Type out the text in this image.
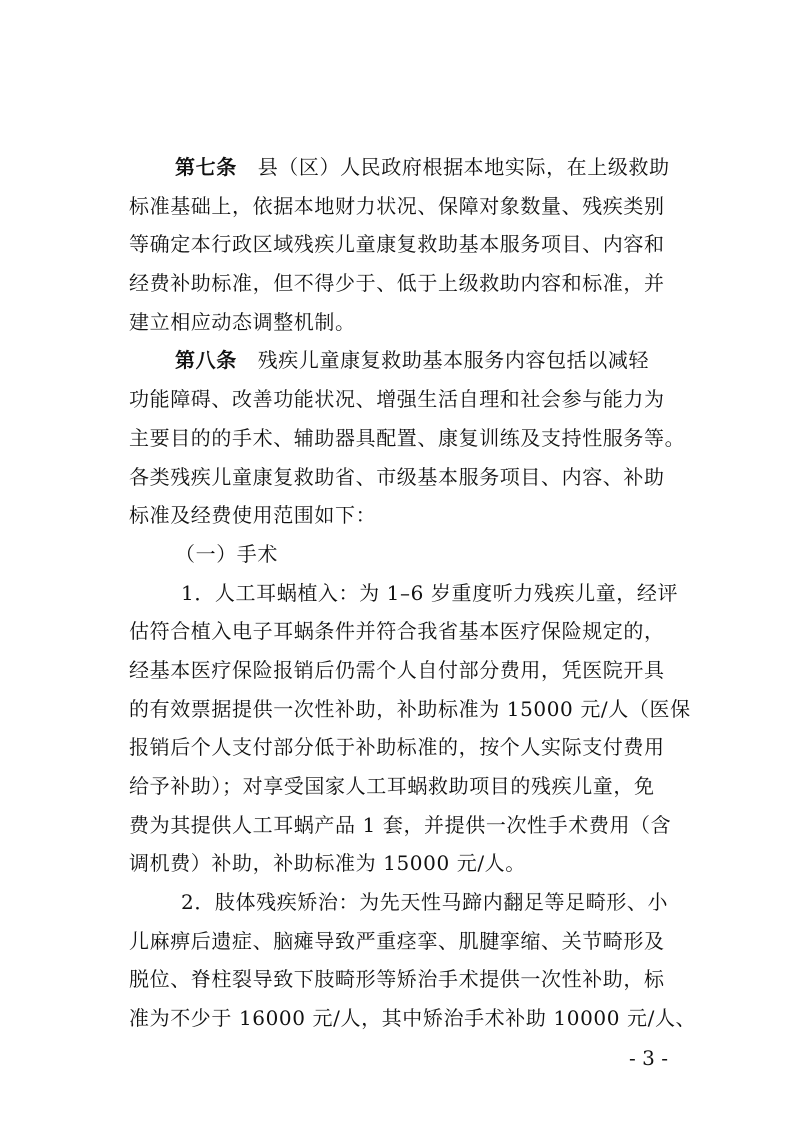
第七条 县（区）人民政府根据本地实际，在上级救助
标准基础上，依据本地财力状况、保障对象数量、残疾类别
等确定本行政区域残疾儿童康复救助基本服务项目、内容和
经费补助标准，但不得少于、低于上级救助内容和标准，并
建立相应动态调整机制。
第八条 残疾儿童康复救助基本服务内容包括以减轻
功能障碍、改善功能状况、增强生活自理和社会参与能力为
主要目的的手术、辅助器具配置、康复训练及支持性服务等。
各类残疾儿童康复救助省、市级基本服务项目、内容、补助
标准及经费使用范围如下：
（一）手术
1．人工耳蜗植入：为 1–6 岁重度听力残疾儿童，经评
估符合植入电子耳蜗条件并符合我省基本医疗保险规定的，
经基本医疗保险报销后仍需个人自付部分费用，凭医院开具
的有效票据提供一次性补助，补助标准为 15000 元/人（医保
报销后个人支付部分低于补助标准的，按个人实际支付费用
给予补助）；对享受国家人工耳蜗救助项目的残疾儿童，免
费为其提供人工耳蜗产品 1 套，并提供一次性手术费用（含
调机费）补助，补助标准为 15000 元/人。
2．肢体残疾矫治：为先天性马蹄内翻足等足畸形、小
儿麻痹后遗症、脑瘫导致严重痉挛、肌腱挛缩、关节畸形及
脱位、脊柱裂导致下肢畸形等矫治手术提供一次性补助，标
准为不少于 16000 元/人，其中矫治手术补助 10000 元/人、
- 3 -
